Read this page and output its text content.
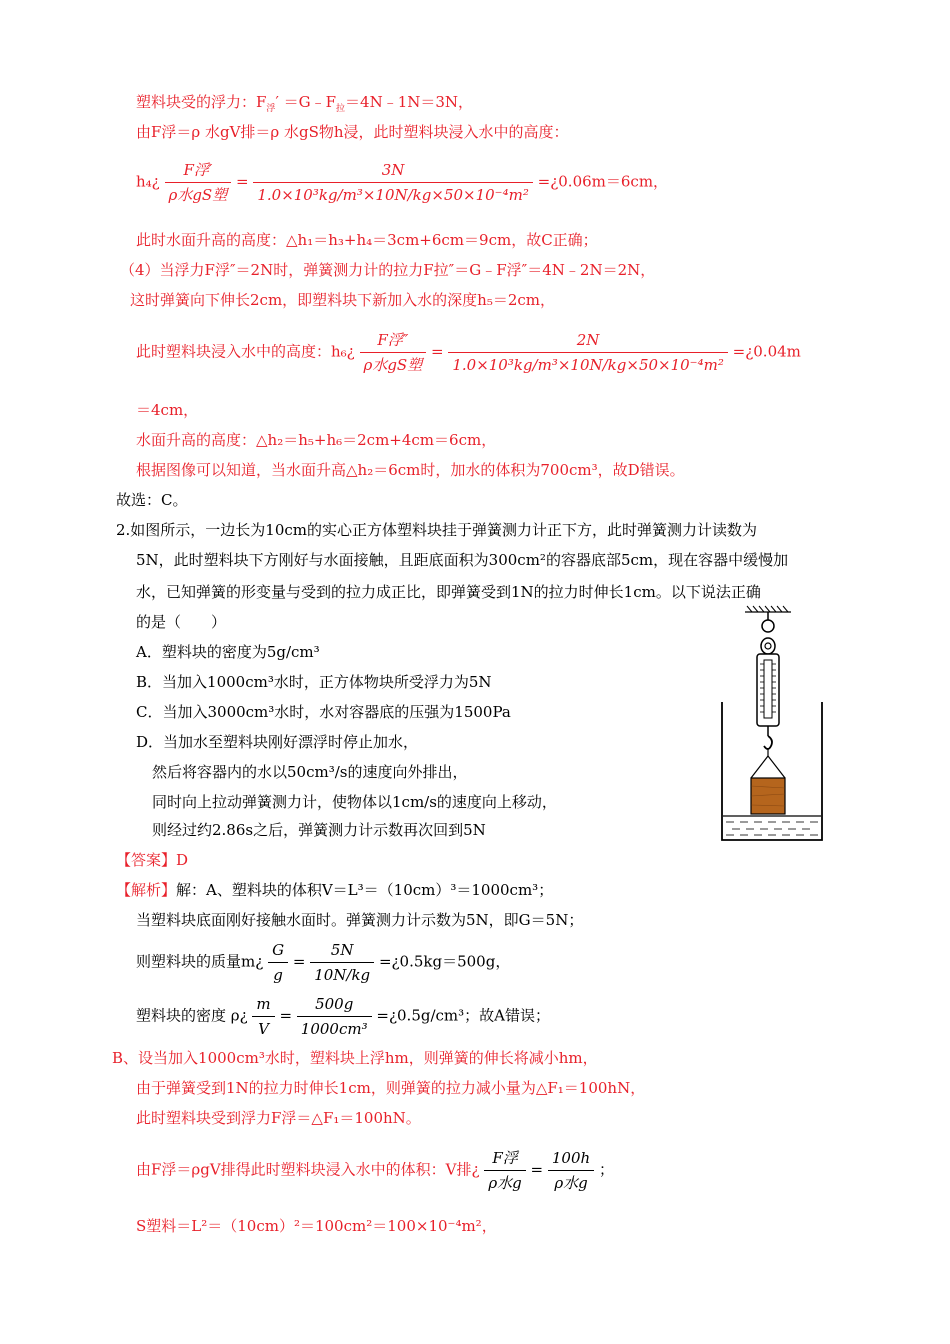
塑料块受的浮力：$F_浮'$ $=G﹣F_拉=4N﹣1N=3N$，
由F浮＝ρ 水gV排＝ρ 水gS物h浸，此时塑料块浸入水中的高度：
h₄¿ $\frac{\text{F浮′}}{\text{ρ水gS塑}} = \frac{3N}{\text{1.0×10³kg/m³×10N/kg×50×10⁻⁴m²}}$ =¿0.06m＝6cm，
此时水面升高的高度：△h₁＝h₃+h₄＝3cm+6cm＝9cm，故C正确；
（4）当浮力F浮″＝2N时，弹簧测力计的拉力F拉″＝G﹣F浮″＝4N﹣2N＝2N，
这时弹簧向下伸长2cm，即塑料块下新加入水的深度h₅＝2cm，
此时塑料块浸入水中的高度：h₆¿ $\frac{\text{F浮″}}{\text{ρ水gS塑}} = \frac{2N}{\text{1.0×10³kg/m³×10N/kg×50×10⁻⁴m²}}$ =¿0.04m
＝4cm，
水面升高的高度：△h₂＝h₅+h₆＝2cm+4cm＝6cm，
根据图像可以知道，当水面升高△h₂＝6cm时，加水的体积为700cm³，故D错误。
故选：C。
2.如图所示，一边长为10cm的实心正方体塑料块挂于弹簧测力计正下方，此时弹簧测力计读数为
5N，此时塑料块下方刚好与水面接触，且距底面积为300cm²的容器底部5cm，现在容器中缓慢加
水，已知弹簧的形变量与受到的拉力成正比，即弹簧受到1N的拉力时伸长1cm。以下说法正确
的是（　　）
A．塑料块的密度为5g/cm³
B．当加入1000cm³水时，正方体物块所受浮力为5N
C．当加入3000cm³水时，水对容器底的压强为1500Pa
D．当加水至塑料块刚好漂浮时停止加水，
然后将容器内的水以50cm³/s的速度向外排出，
同时向上拉动弹簧测力计，使物体以1cm/s的速度向上移动，
则经过约2.86s之后，弹簧测力计示数再次回到5N
【答案】D
【解析】解：A、塑料块的体积V＝L³＝（10cm）³＝1000cm³；
当塑料块底面刚好接触水面时。弹簧测力计示数为5N，即G＝5N；
则塑料块的质量m¿ $\frac{G}{g} = \frac{5N}{10N/kg}$ =¿0.5kg＝500g，
塑料块的密度 ρ¿ $\frac{m}{V} = \frac{500g}{\text{1000cm³}}$ =¿0.5g/cm³；故A错误；
B、设当加入1000cm³水时，塑料块上浮hm，则弹簧的伸长将减小hm，
由于弹簧受到1N的拉力时伸长1cm，则弹簧的拉力减小量为△F₁＝100hN，
此时塑料块受到浮力F浮＝△F₁＝100hN。
由F浮＝ρgV排得此时塑料块浸入水中的体积：V排¿ $\frac{\text{F浮}}{\text{ρ水g}} = \frac{100h}{\text{ρ水g}}$ ；
S塑料＝L²＝（10cm）²＝100cm²＝100×10⁻⁴m²，
